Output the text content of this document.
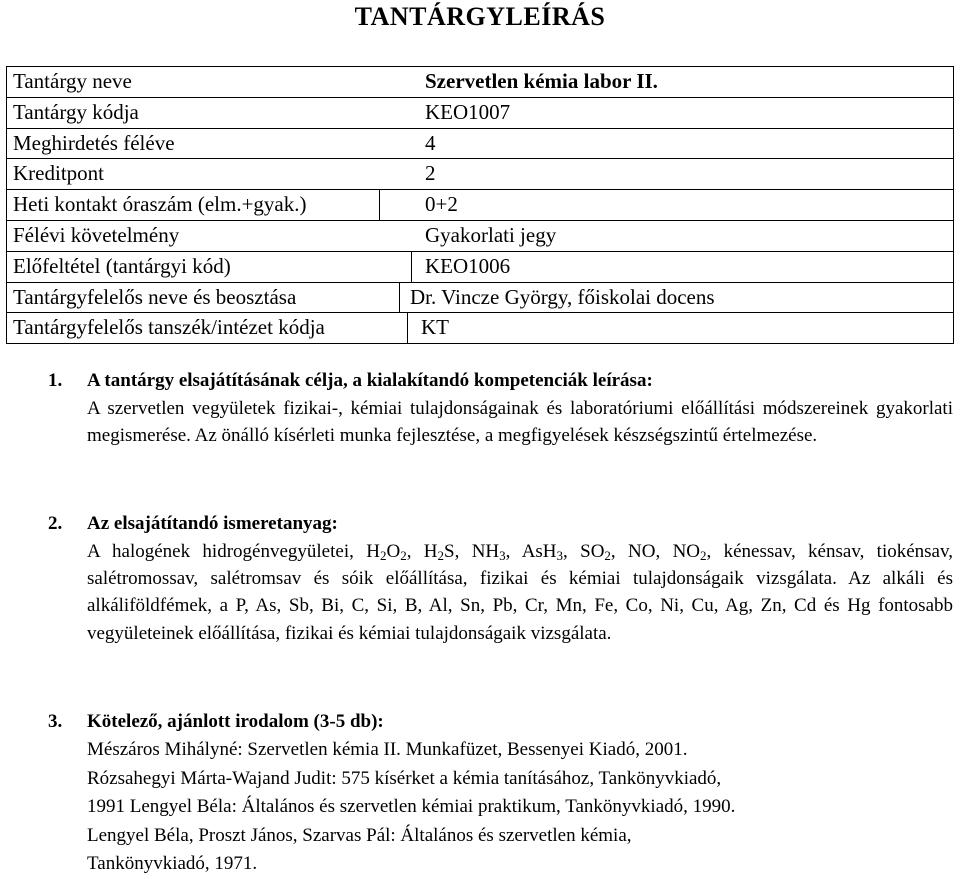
TANTÁRGYLEÍRÁS
Tantárgy neve	Szervetlen kémia labor II.
Tantárgy kódja	KEO1007
Meghirdetés féléve	4
Kreditpont	2
Heti kontakt óraszám (elm.+gyak.)	0+2
Félévi követelmény	Gyakorlati jegy
Előfeltétel (tantárgyi kód)	KEO1006
Tantárgyfelelős neve és beosztása	Dr. Vincze György, főiskolai docens
Tantárgyfelelős tanszék/intézet kódja	KT
1. A tantárgy elsajátításának célja, a kialakítandó kompetenciák leírása:
A szervetlen vegyületek fizikai-, kémiai tulajdonságainak és laboratóriumi előállítási módszereinek gyakorlati megismerése. Az önálló kísérleti munka fejlesztése, a megfigyelések készségszintű értelmezése.
2. Az elsajátítandó ismeretanyag:
A halogének hidrogénvegyületei, $H_2O_2$, $H_2S$, $NH_3$, AsH$_3$, $SO_2$, NO, $NO_2$, kénessav, kénsav, tiokénsav, salétromossav, salétromsav és sóik előállítása, fizikai és kémiai tulajdonságaik vizsgálata. Az alkáli és alkáliföldfémek, a P, As, Sb, Bi, C, Si, B, Al, Sn, Pb, Cr, Mn, Fe, Co, Ni, Cu, Ag, Zn, Cd és Hg fontosabb vegyületeinek előállítása, fizikai és kémiai tulajdonságaik vizsgálata.
3. Kötelező, ajánlott irodalom (3-5 db):
Mészáros Mihályné: Szervetlen kémia II. Munkafüzet, Bessenyei Kiadó, 2001.
Rózsahegyi Márta-Wajand Judit: 575 kísérket a kémia tanításához, Tankönyvkiadó,
1991 Lengyel Béla: Általános és szervetlen kémiai praktikum, Tankönyvkiadó, 1990.
Lengyel Béla, Proszt János, Szarvas Pál: Általános és szervetlen kémia,
Tankönyvkiadó, 1971.
